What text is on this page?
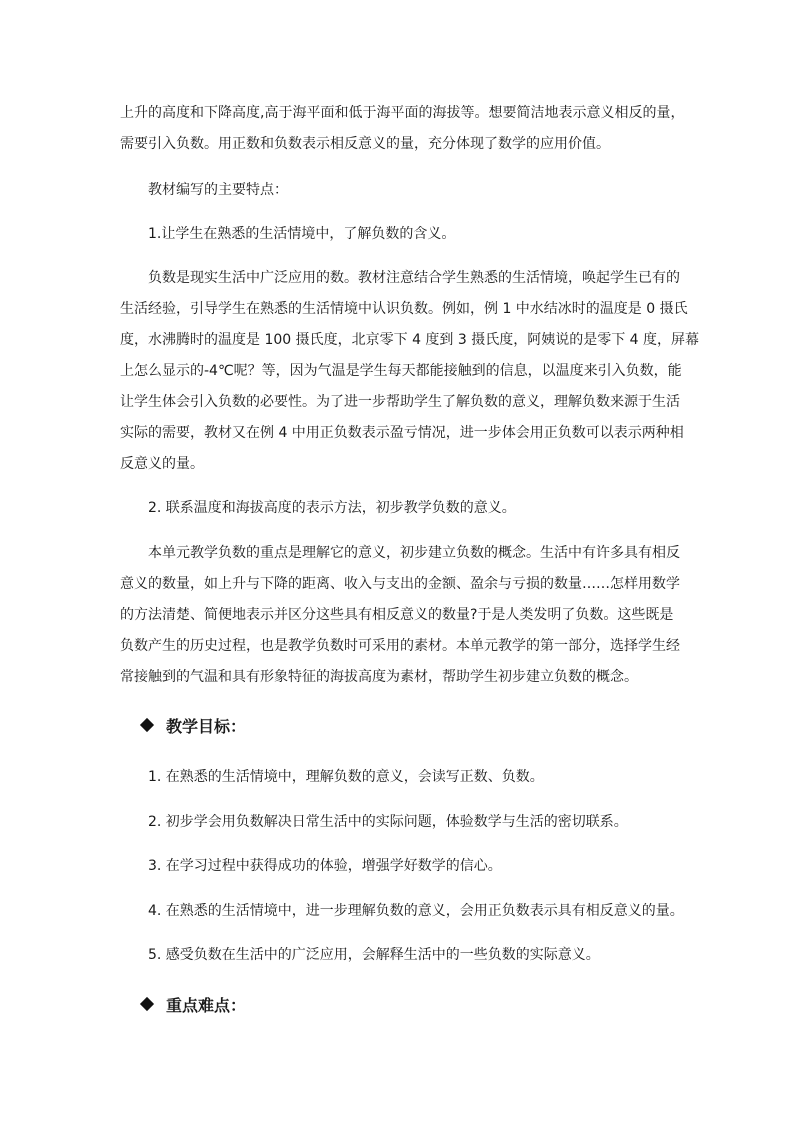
上升的高度和下降高度,高于海平面和低于海平面的海拔等。想要简洁地表示意义相反的量，
需要引入负数。用正数和负数表示相反意义的量，充分体现了数学的应用价值。
教材编写的主要特点：
1.让学生在熟悉的生活情境中，了解负数的含义。
负数是现实生活中广泛应用的数。教材注意结合学生熟悉的生活情境，唤起学生已有的
生活经验，引导学生在熟悉的生活情境中认识负数。例如，例 1 中水结冰时的温度是 0 摄氏
度，水沸腾时的温度是 100 摄氏度，北京零下 4 度到 3 摄氏度，阿姨说的是零下 4 度，屏幕
上怎么显示的-4℃呢？等，因为气温是学生每天都能接触到的信息，以温度来引入负数，能
让学生体会引入负数的必要性。为了进一步帮助学生了解负数的意义，理解负数来源于生活
实际的需要，教材又在例 4 中用正负数表示盈亏情况，进一步体会用正负数可以表示两种相
反意义的量。
2. 联系温度和海拔高度的表示方法，初步教学负数的意义。
本单元教学负数的重点是理解它的意义，初步建立负数的概念。生活中有许多具有相反
意义的数量，如上升与下降的距离、收入与支出的金额、盈余与亏损的数量……怎样用数学
的方法清楚、简便地表示并区分这些具有相反意义的数量?于是人类发明了负数。这些既是
负数产生的历史过程，也是教学负数时可采用的素材。本单元教学的第一部分，选择学生经
常接触到的气温和具有形象特征的海拔高度为素材，帮助学生初步建立负数的概念。
教学目标：
1. 在熟悉的生活情境中，理解负数的意义，会读写正数、负数。
2. 初步学会用负数解决日常生活中的实际问题，体验数学与生活的密切联系。
3. 在学习过程中获得成功的体验，增强学好数学的信心。
4. 在熟悉的生活情境中，进一步理解负数的意义，会用正负数表示具有相反意义的量。
5. 感受负数在生活中的广泛应用，会解释生活中的一些负数的实际意义。
重点难点：
